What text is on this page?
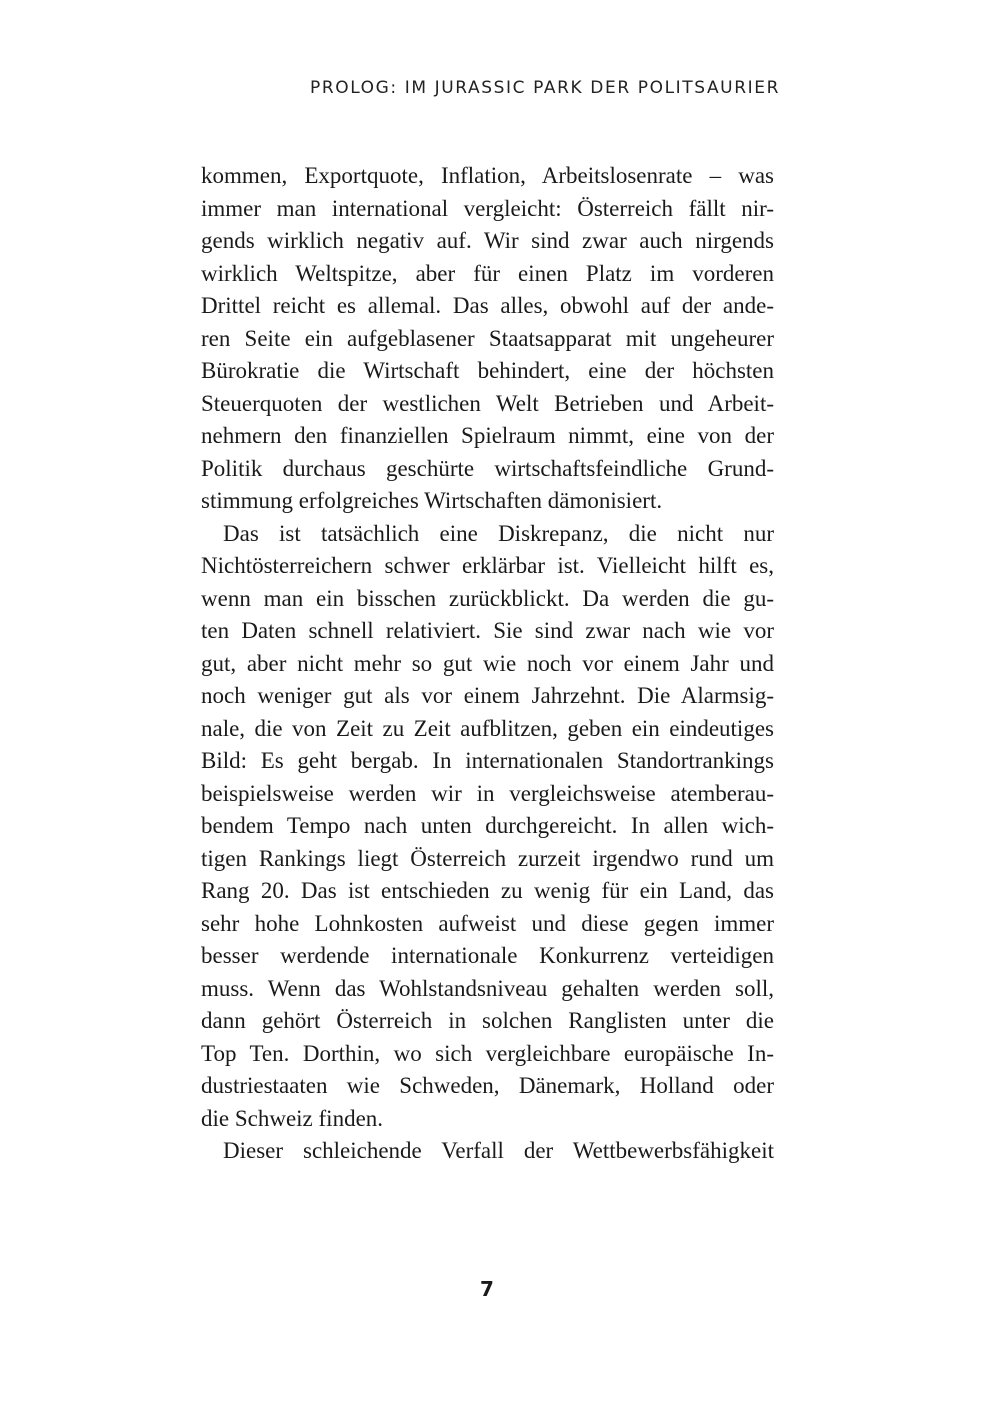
PROLOG: IM JURASSIC PARK DER POLITSAURIER
kommen, Exportquote, Inflation, Arbeitslosenrate – was
immer man international vergleicht: Österreich fällt nir-
gends wirklich negativ auf. Wir sind zwar auch nirgends
wirklich Weltspitze, aber für einen Platz im vorderen
Drittel reicht es allemal. Das alles, obwohl auf der ande-
ren Seite ein aufgeblasener Staatsapparat mit ungeheurer
Bürokratie die Wirtschaft behindert, eine der höchsten
Steuerquoten der westlichen Welt Betrieben und Arbeit-
nehmern den finanziellen Spielraum nimmt, eine von der
Politik durchaus geschürte wirtschaftsfeindliche Grund-
stimmung erfolgreiches Wirtschaften dämonisiert.
Das ist tatsächlich eine Diskrepanz, die nicht nur
Nichtösterreichern schwer erklärbar ist. Vielleicht hilft es,
wenn man ein bisschen zurückblickt. Da werden die gu-
ten Daten schnell relativiert. Sie sind zwar nach wie vor
gut, aber nicht mehr so gut wie noch vor einem Jahr und
noch weniger gut als vor einem Jahrzehnt. Die Alarmsig-
nale, die von Zeit zu Zeit aufblitzen, geben ein eindeutiges
Bild: Es geht bergab. In internationalen Standortrankings
beispielsweise werden wir in vergleichsweise atemberau-
bendem Tempo nach unten durchgereicht. In allen wich-
tigen Rankings liegt Österreich zurzeit irgendwo rund um
Rang 20. Das ist entschieden zu wenig für ein Land, das
sehr hohe Lohnkosten aufweist und diese gegen immer
besser werdende internationale Konkurrenz verteidigen
muss. Wenn das Wohlstandsniveau gehalten werden soll,
dann gehört Österreich in solchen Ranglisten unter die
Top Ten. Dorthin, wo sich vergleichbare europäische In-
dustriestaaten wie Schweden, Dänemark, Holland oder
die Schweiz finden.
Dieser schleichende Verfall der Wettbewerbsfähigkeit
7
